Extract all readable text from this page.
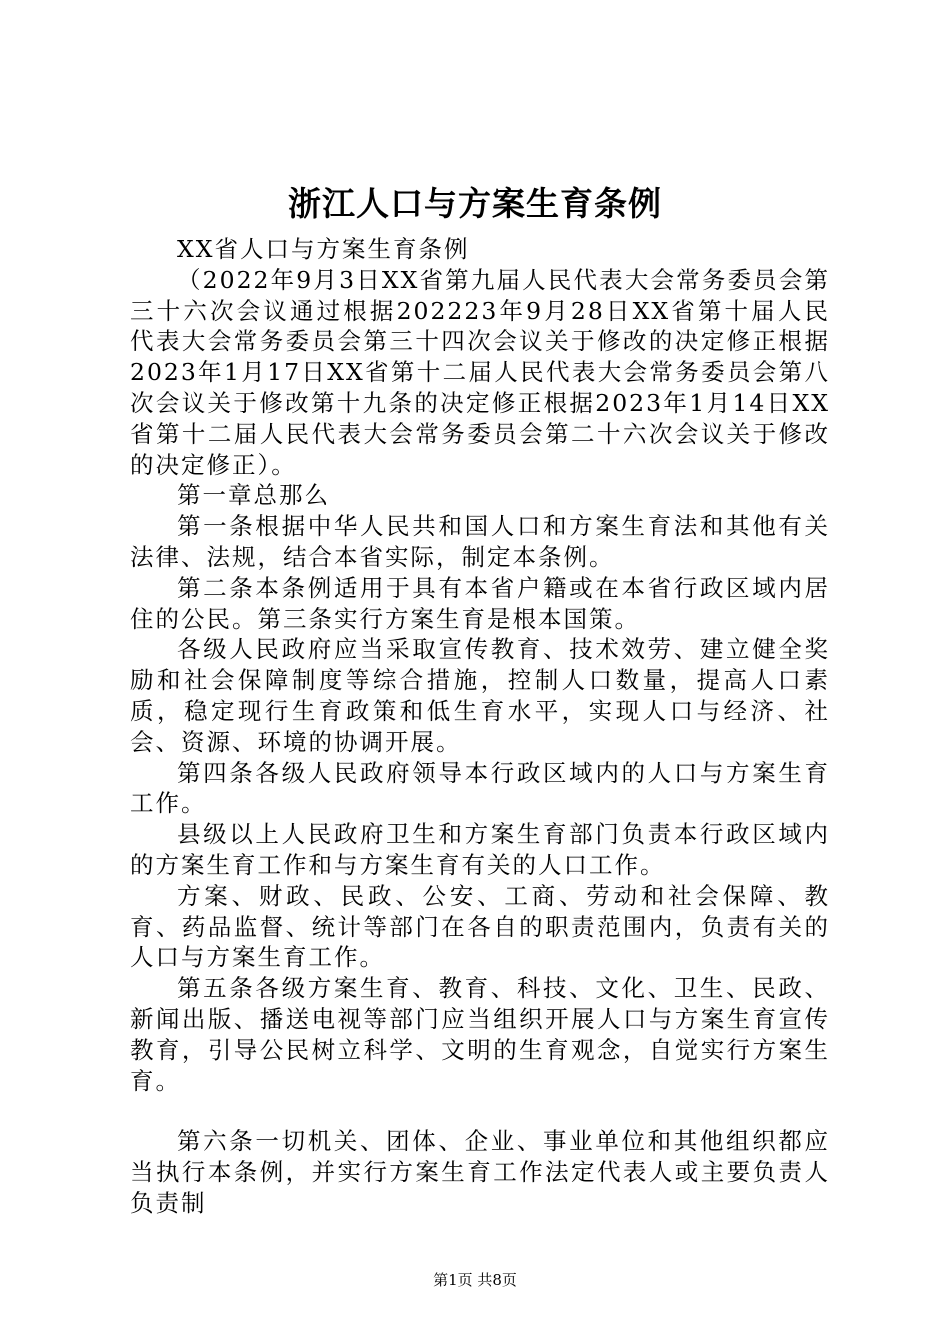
浙江人口与方案生育条例

XX省人口与方案生育条例

（2022年9月3日XX省第九届人民代表大会常务委员会第三十六次会议通过根据202223年9月28日XX省第十届人民代表大会常务委员会第三十四次会议关于修改的决定修正根据2023年1月17日XX省第十二届人民代表大会常务委员会第八次会议关于修改第十九条的决定修正根据2023年1月14日XX省第十二届人民代表大会常务委员会第二十六次会议关于修改的决定修正）。

第一章总那么

第一条根据中华人民共和国人口和方案生育法和其他有关法律、法规，结合本省实际，制定本条例。

第二条本条例适用于具有本省户籍或在本省行政区域内居住的公民。第三条实行方案生育是根本国策。

各级人民政府应当采取宣传教育、技术效劳、建立健全奖励和社会保障制度等综合措施，控制人口数量，提高人口素质，稳定现行生育政策和低生育水平，实现人口与经济、社会、资源、环境的协调开展。

第四条各级人民政府领导本行政区域内的人口与方案生育工作。

县级以上人民政府卫生和方案生育部门负责本行政区域内的方案生育工作和与方案生育有关的人口工作。

方案、财政、民政、公安、工商、劳动和社会保障、教育、药品监督、统计等部门在各自的职责范围内，负责有关的人口与方案生育工作。

第五条各级方案生育、教育、科技、文化、卫生、民政、新闻出版、播送电视等部门应当组织开展人口与方案生育宣传教育，引导公民树立科学、文明的生育观念，自觉实行方案生育。

第六条一切机关、团体、企业、事业单位和其他组织都应当执行本条例，并实行方案生育工作法定代表人或主要负责人负责制

第1页 共8页
